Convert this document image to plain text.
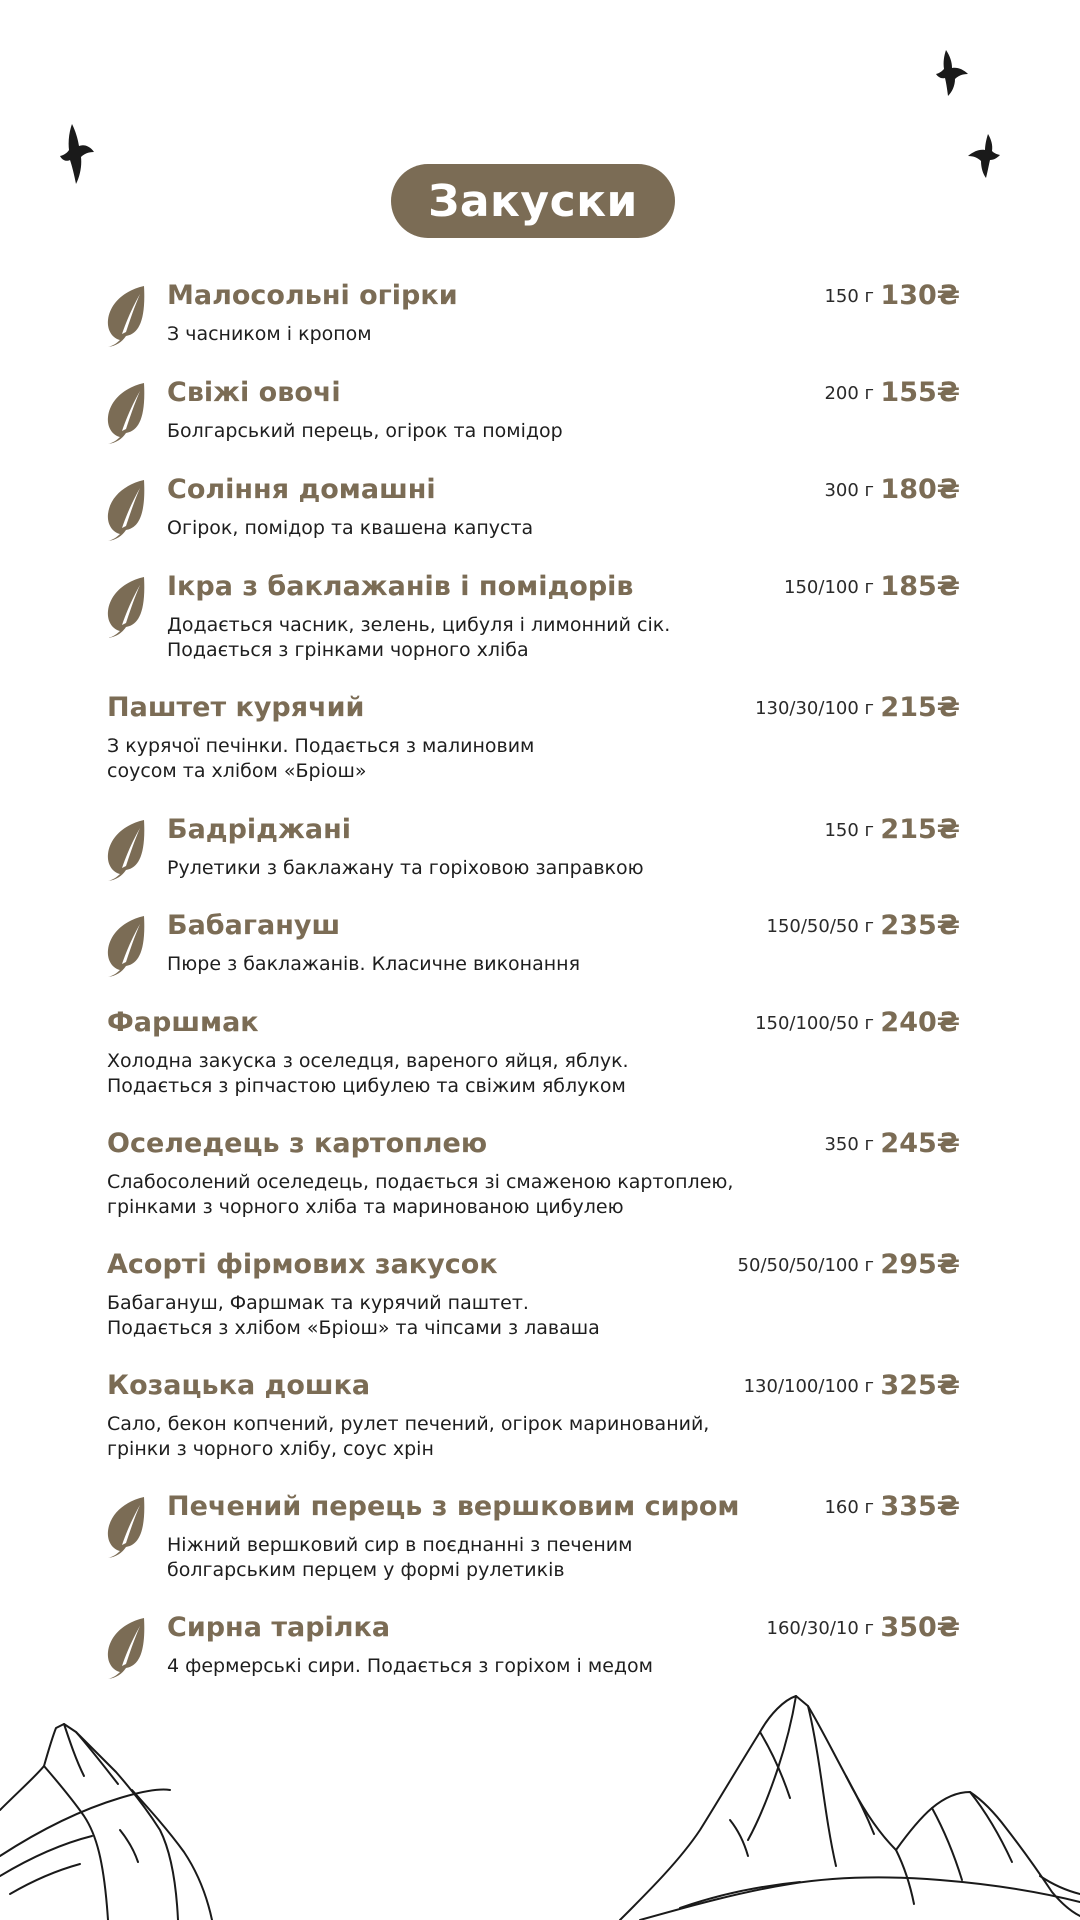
Закуски
Малосольні огірки	150 г 130₴
З часником і кропом
Свіжі овочі	200 г 155₴
Болгарський перець, огірок та помідор
Соління домашні	300 г 180₴
Огірок, помідор та квашена капуста
Ікра з баклажанів і помідорів	150/100 г 185₴
Додається часник, зелень, цибуля і лимонний сік.
Подається з грінками чорного хліба
Паштет курячий	130/30/100 г 215₴
З курячої печінки. Подається з малиновим
соусом та хлібом «Бріош»
Бадріджані	150 г 215₴
Рулетики з баклажану та горіховою заправкою
Бабагануш	150/50/50 г 235₴
Пюре з баклажанів. Класичне виконання
Фаршмак	150/100/50 г 240₴
Холодна закуска з оселедця, вареного яйця, яблук.
Подається з ріпчастою цибулею та свіжим яблуком
Оселедець з картоплею	350 г 245₴
Слабосолений оселедець, подається зі смаженою картоплею,
грінками з чорного хліба та маринованою цибулею
Асорті фірмових закусок	50/50/50/100 г 295₴
Бабагануш, Фаршмак та курячий паштет.
Подається з хлібом «Бріош» та чіпсами з лаваша
Козацька дошка	130/100/100 г 325₴
Сало, бекон копчений, рулет печений, огірок маринований,
грінки з чорного хлібу, соус хрін
Печений перець з вершковим сиром	160 г 335₴
Ніжний вершковий сир в поєднанні з печеним
болгарським перцем у формі рулетиків
Сирна тарілка	160/30/10 г 350₴
4 фермерські сири. Подається з горіхом і медом
